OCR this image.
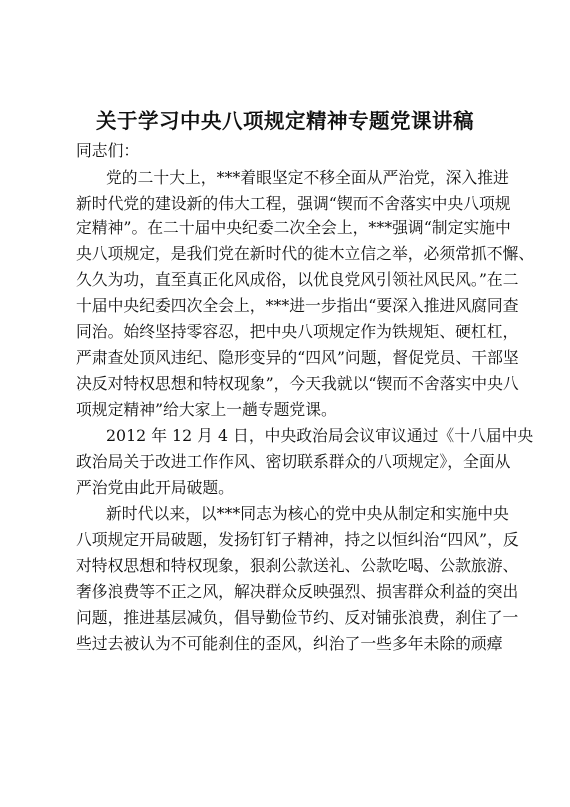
关于学习中央八项规定精神专题党课讲稿
同志们：
党的二十大上，***着眼坚定不移全面从严治党，深入推进
新时代党的建设新的伟大工程，强调“锲而不舍落实中央八项规
定精神”。在二十届中央纪委二次全会上，***强调“制定实施中
央八项规定，是我们党在新时代的徙木立信之举，必须常抓不懈、
久久为功，直至真正化风成俗，以优良党风引领社风民风。”在二
十届中央纪委四次全会上，***进一步指出“要深入推进风腐同查
同治。始终坚持零容忍，把中央八项规定作为铁规矩、硬杠杠，
严肃查处顶风违纪、隐形变异的“四风”问题，督促党员、干部坚
决反对特权思想和特权现象”，今天我就以“锲而不舍落实中央八
项规定精神”给大家上一趟专题党课。
2012 年 12 月 4 日，中央政治局会议审议通过《十八届中央
政治局关于改进工作作风、密切联系群众的八项规定》，全面从
严治党由此开局破题。
新时代以来，以***同志为核心的党中央从制定和实施中央
八项规定开局破题，发扬钉钉子精神，持之以恒纠治“四风”，反
对特权思想和特权现象，狠刹公款送礼、公款吃喝、公款旅游、
奢侈浪费等不正之风，解决群众反映强烈、损害群众利益的突出
问题，推进基层减负，倡导勤俭节约、反对铺张浪费，刹住了一
些过去被认为不可能刹住的歪风，纠治了一些多年未除的顽瘴
